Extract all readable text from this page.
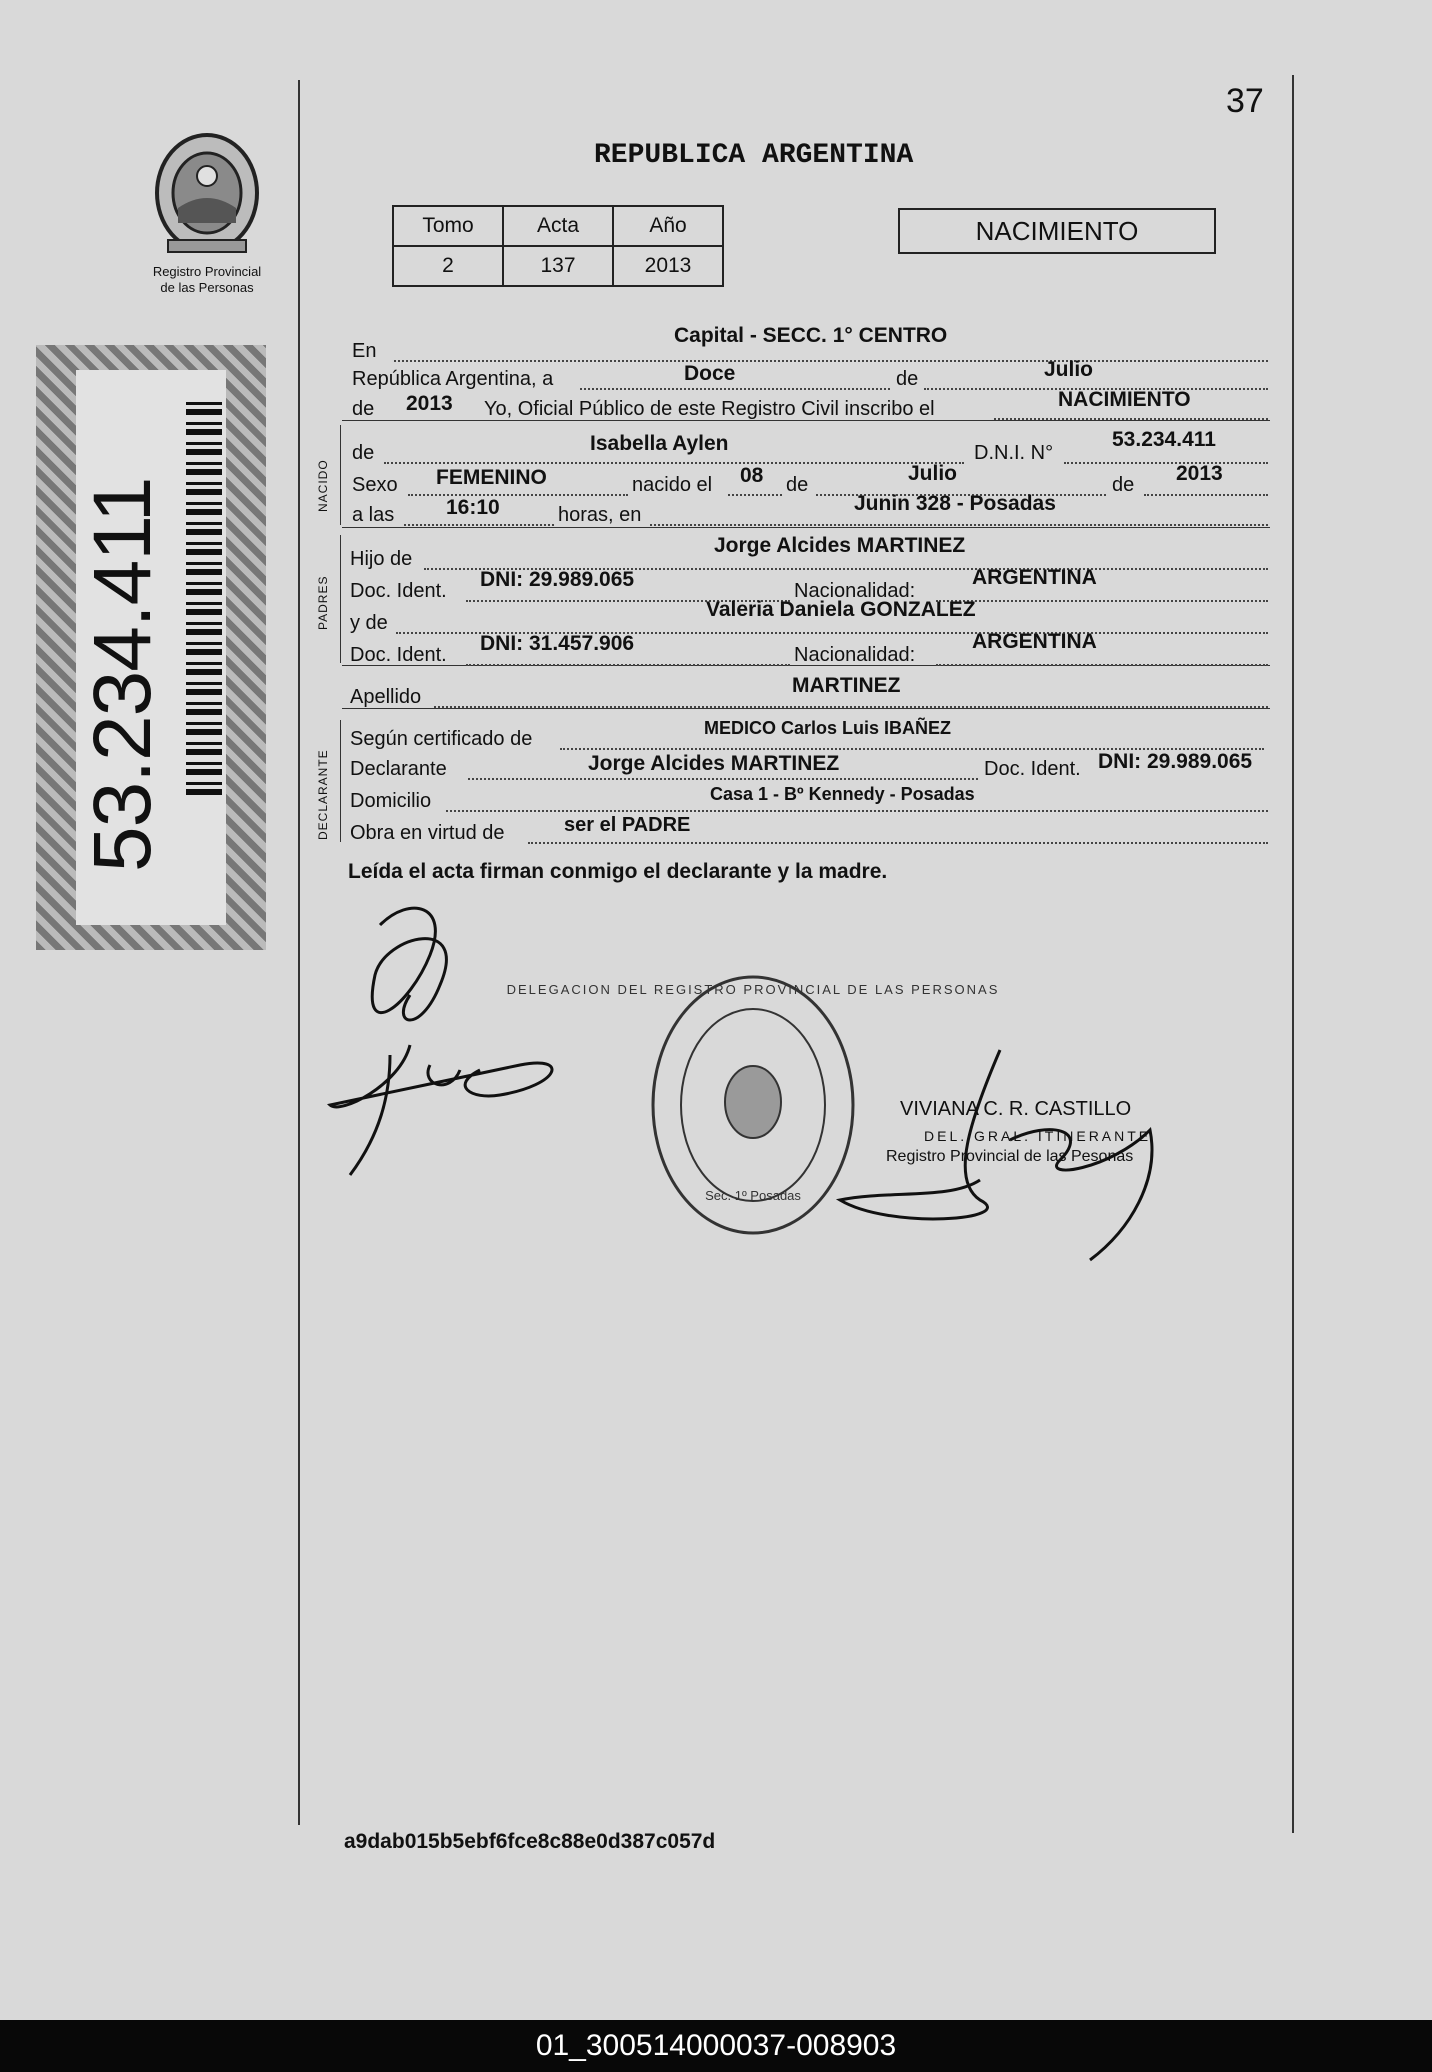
37
Registro Provincial
de las Personas
53.234.411
REPUBLICA ARGENTINA
Tomo	Acta	Año
2	137	2013
NACIMIENTO
NACIDO
PADRES
DECLARANTE
En
Capital - SECC. 1° CENTRO
República Argentina, a	Doce	de	Julio
de 2013 Yo, Oficial Público de este Registro Civil inscribo el	NACIMIENTO
de	Isabella Aylen	D.N.I. N°
53.234.411
Sexo FEMENINO	nacido el 08 de	Julio	de 2013
a las 16:10	horas, en	Junin 328 - Posadas
Hijo de
Jorge Alcides MARTINEZ
Doc. Ident. DNI: 29.989.065	Nacionalidad:
ARGENTINA
y de
Valeria Daniela GONZALEZ
Doc. Ident. DNI: 31.457.906	Nacionalidad:
ARGENTINA
Apellido	MARTINEZ
Según certificado de	MEDICO Carlos Luis IBAÑEZ
Declarante	Jorge Alcides MARTINEZ	Doc. Ident. DNI: 29.989.065
Domicilio	Casa 1 - Bº Kennedy - Posadas
Obra en virtud de	ser el PADRE
Leída el acta firman conmigo el declarante y la madre.
DELEGACION DEL REGISTRO PROVINCIAL DE LAS PERSONAS
Sec. 1º Posadas
VIVIANA C. R. CASTILLO
DEL. GRAL. ITINERANTE
Registro Provincial de las Pesonas
a9dab015b5ebf6fce8c88e0d387c057d
01_300514000037-008903
